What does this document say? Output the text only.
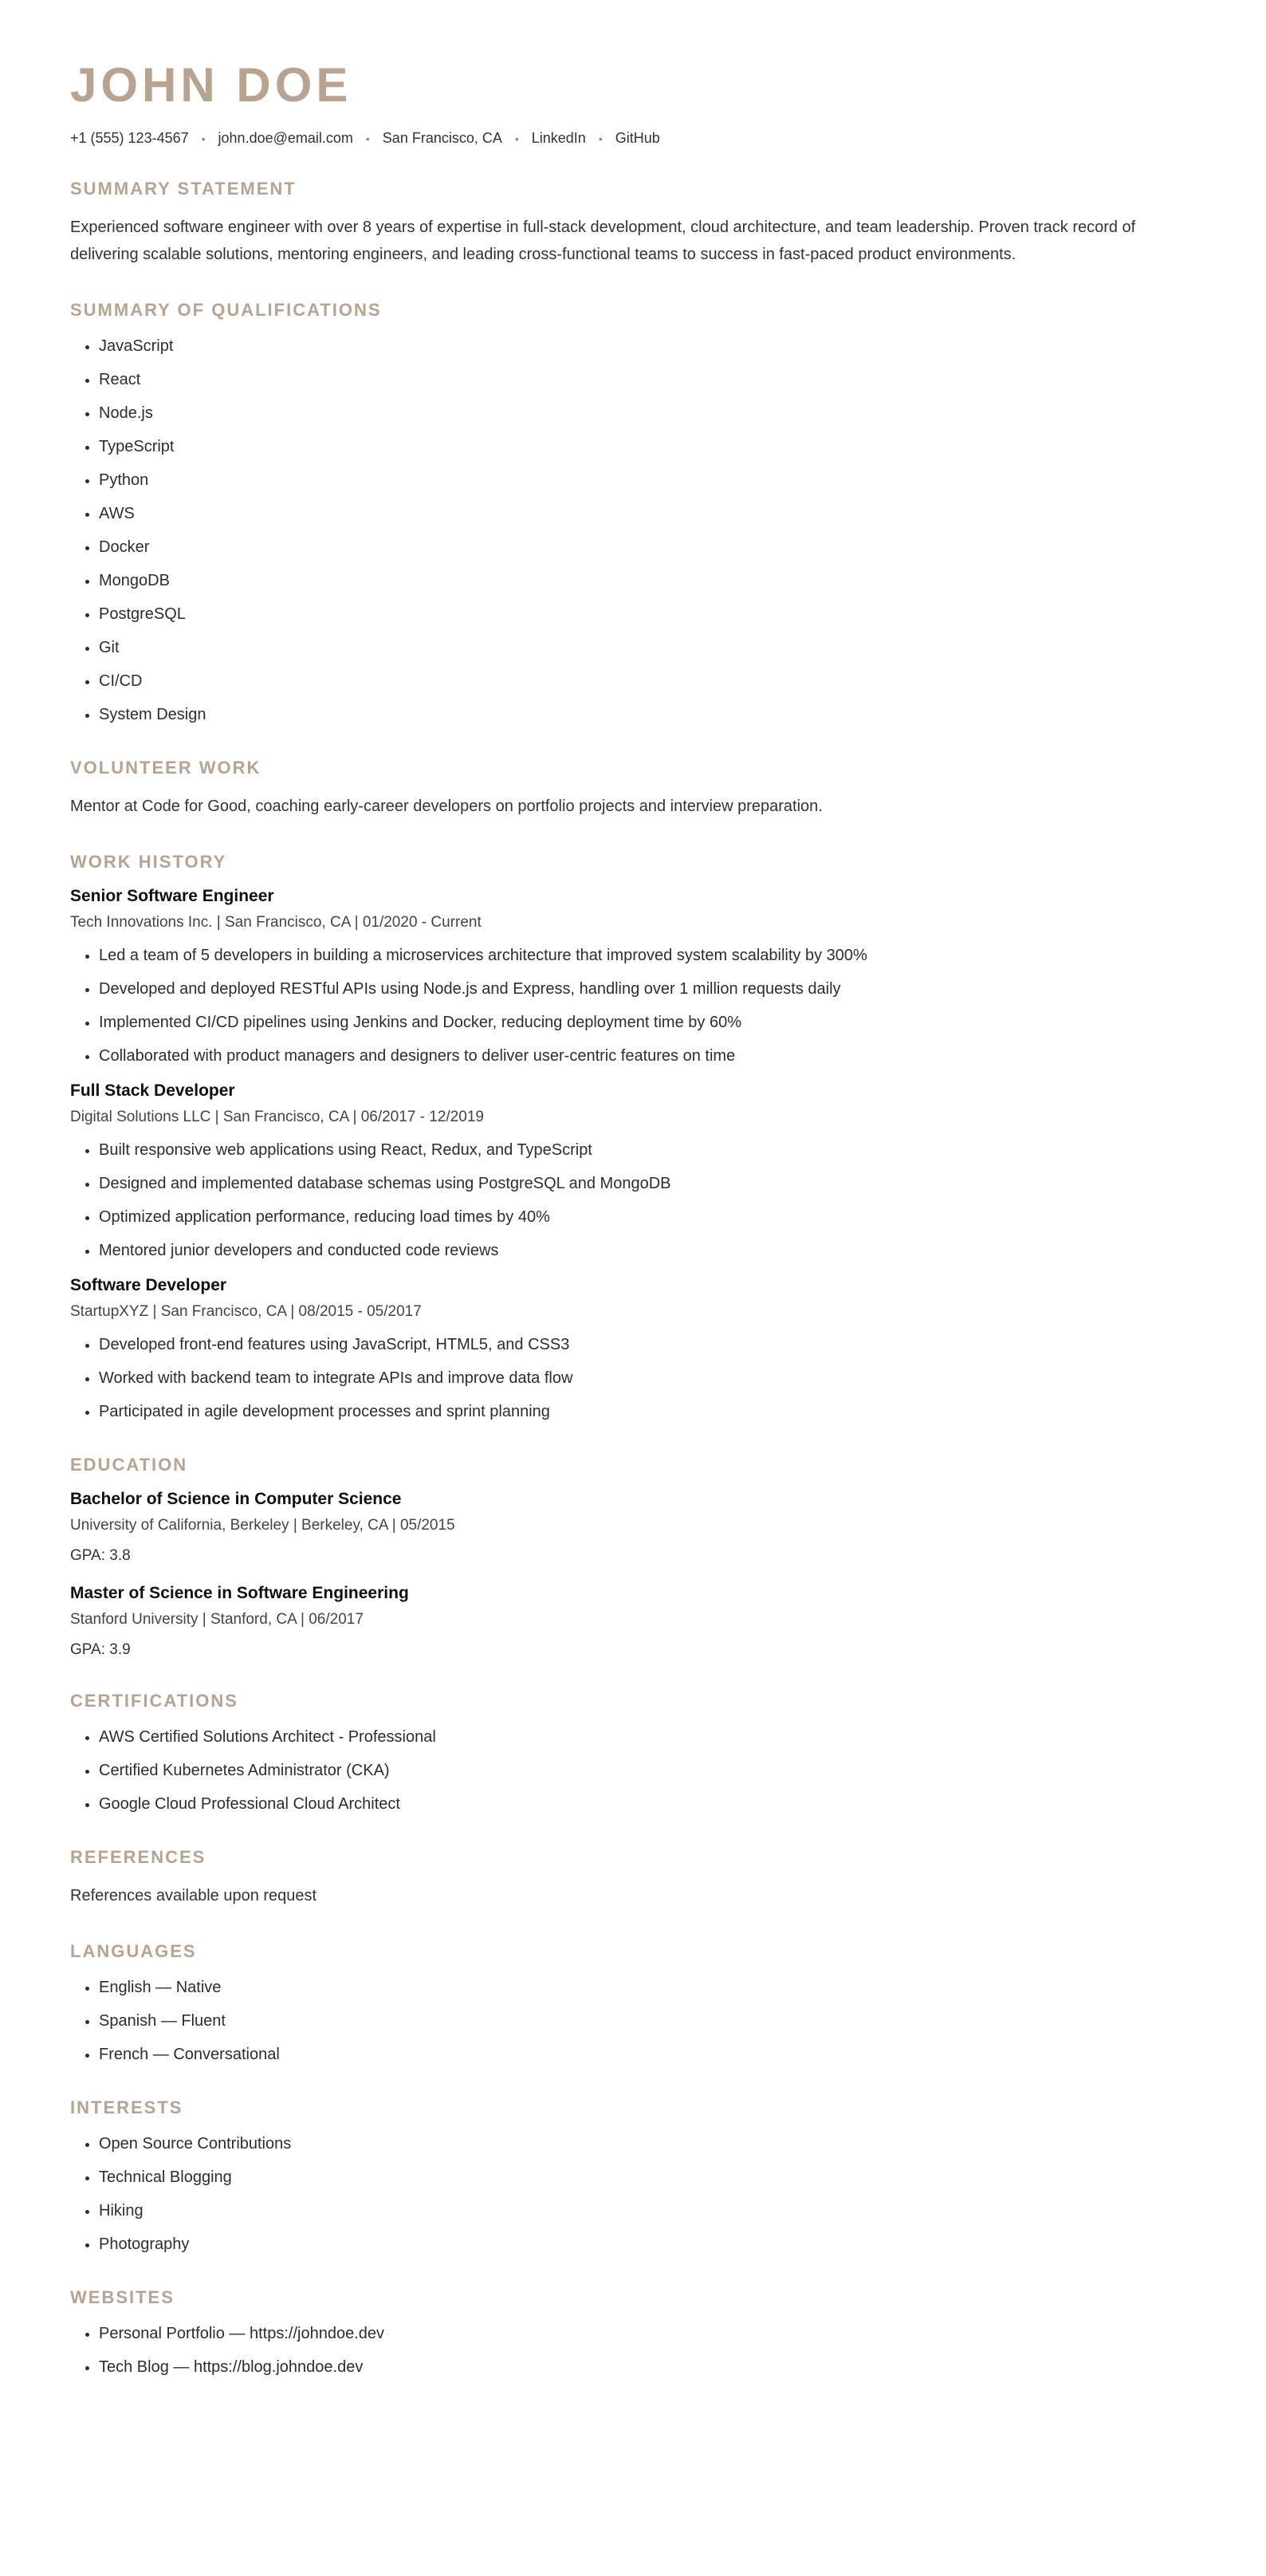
JOHN DOE
+1 (555) 123-4567 • john.doe@email.com • San Francisco, CA • LinkedIn • GitHub
SUMMARY STATEMENT

Experienced software engineer with over 8 years of expertise in full-stack development, cloud architecture, and team leadership. Proven track record of delivering scalable solutions, mentoring engineers, and leading cross-functional teams to success in fast-paced product environments.

SUMMARY OF QUALIFICATIONS
• JavaScript
• React
• Node.js
• TypeScript
• Python
• AWS
• Docker
• MongoDB
• PostgreSQL
• Git
• CI/CD
• System Design
VOLUNTEER WORK

Mentor at Code for Good, coaching early-career developers on portfolio projects and interview preparation.

WORK HISTORY
Senior Software Engineer
Tech Innovations Inc. | San Francisco, CA | 01/2020 - Current
• Led a team of 5 developers in building a microservices architecture that improved system scalability by 300%
• Developed and deployed RESTful APIs using Node.js and Express, handling over 1 million requests daily
• Implemented CI/CD pipelines using Jenkins and Docker, reducing deployment time by 60%
• Collaborated with product managers and designers to deliver user-centric features on time
Full Stack Developer
Digital Solutions LLC | San Francisco, CA | 06/2017 - 12/2019
• Built responsive web applications using React, Redux, and TypeScript
• Designed and implemented database schemas using PostgreSQL and MongoDB
• Optimized application performance, reducing load times by 40%
• Mentored junior developers and conducted code reviews
Software Developer
StartupXYZ | San Francisco, CA | 08/2015 - 05/2017
• Developed front-end features using JavaScript, HTML5, and CSS3
• Worked with backend team to integrate APIs and improve data flow
• Participated in agile development processes and sprint planning
EDUCATION
Bachelor of Science in Computer Science
University of California, Berkeley | Berkeley, CA | 05/2015
GPA: 3.8
Master of Science in Software Engineering
Stanford University | Stanford, CA | 06/2017
GPA: 3.9
CERTIFICATIONS
• AWS Certified Solutions Architect - Professional
• Certified Kubernetes Administrator (CKA)
• Google Cloud Professional Cloud Architect
REFERENCES

References available upon request

LANGUAGES
• English — Native
• Spanish — Fluent
• French — Conversational
INTERESTS
• Open Source Contributions
• Technical Blogging
• Hiking
• Photography
WEBSITES
• Personal Portfolio — https://johndoe.dev
• Tech Blog — https://blog.johndoe.dev
